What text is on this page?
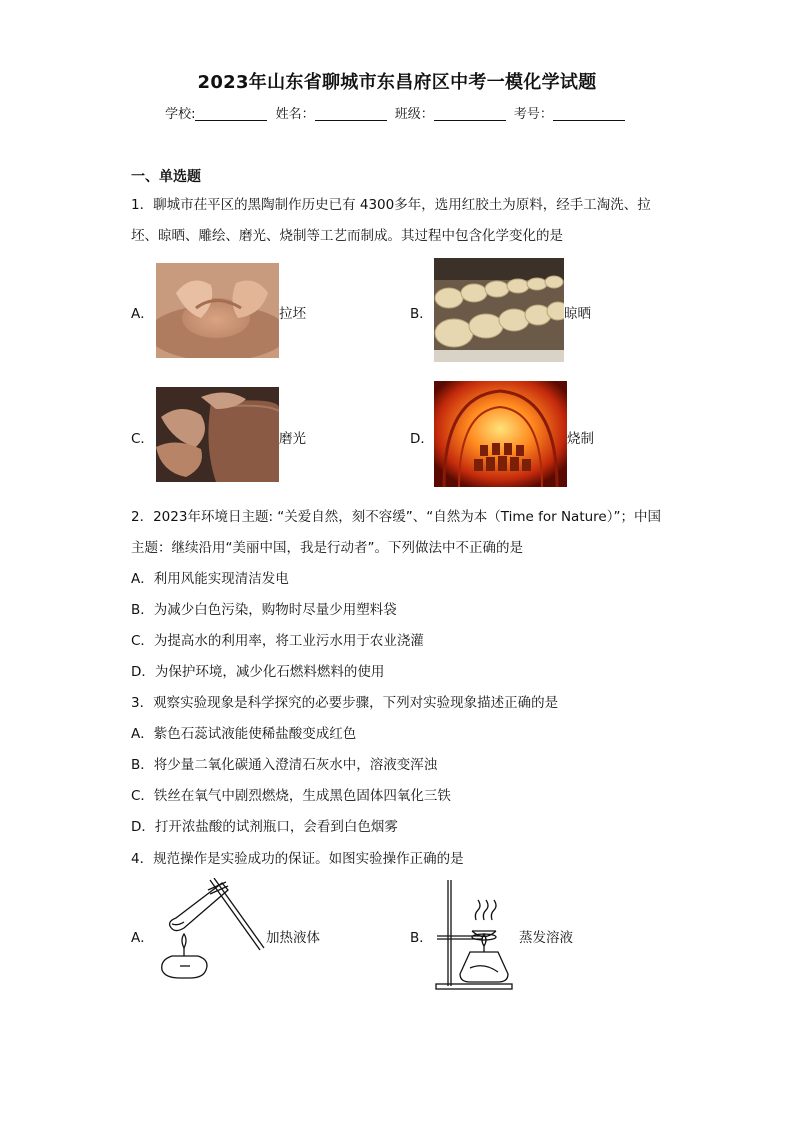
2023年山东省聊城市东昌府区中考一模化学试题
学校:	姓名：	班级：	考号：
一、单选题
1．聊城市茌平区的黑陶制作历史已有 4300多年，选用红胶土为原料，经手工淘洗、拉
坯、晾晒、雕绘、磨光、烧制等工艺而制成。其过程中包含化学变化的是
A．	拉坯	B．	晾晒
C．	磨光	D．	烧制
2．2023年环境日主题: “关爱自然，刻不容缓”、“自然为本（Time for Nature）”；中国
主题：继续沿用“美丽中国，我是行动者”。下列做法中不正确的是
A．利用风能实现清洁发电
B．为减少白色污染，购物时尽量少用塑料袋
C．为提高水的利用率，将工业污水用于农业浇灌
D．为保护环境，减少化石燃料燃料的使用
3．观察实验现象是科学探究的必要步骤，下列对实验现象描述正确的是
A．紫色石蕊试液能使稀盐酸变成红色
B．将少量二氧化碳通入澄清石灰水中，溶液变浑浊
C．铁丝在氧气中剧烈燃烧，生成黑色固体四氧化三铁
D．打开浓盐酸的试剂瓶口，会看到白色烟雾
4．规范操作是实验成功的保证。如图实验操作正确的是
A．	加热液体	B．	蒸发溶液
